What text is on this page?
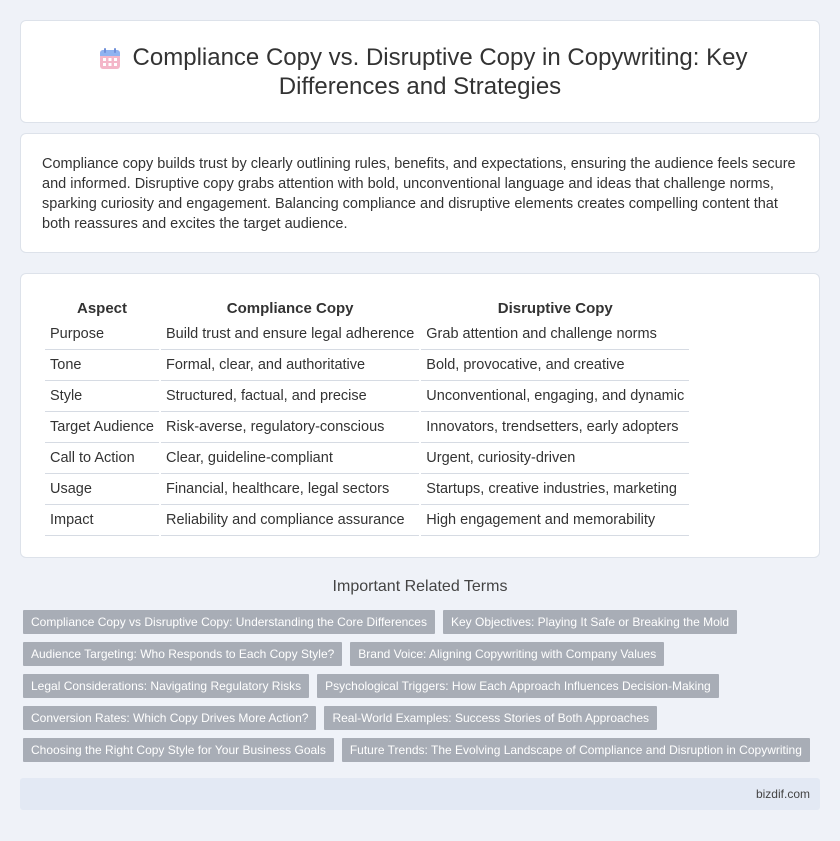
Compliance Copy vs. Disruptive Copy in Copywriting: Key
Differences and Strategies

Compliance copy builds trust by clearly outlining rules, benefits, and expectations, ensuring the audience feels secure and informed. Disruptive copy grabs attention with bold, unconventional language and ideas that challenge norms, sparking curiosity and engagement. Balancing compliance and disruptive elements creates compelling content that both reassures and excites the target audience.

Aspect	Compliance Copy	Disruptive Copy
Purpose	Build trust and ensure legal adherence	Grab attention and challenge norms
Tone	Formal, clear, and authoritative	Bold, provocative, and creative
Style	Structured, factual, and precise	Unconventional, engaging, and dynamic
Target Audience	Risk-averse, regulatory-conscious	Innovators, trendsetters, early adopters
Call to Action	Clear, guideline-compliant	Urgent, curiosity-driven
Usage	Financial, healthcare, legal sectors	Startups, creative industries, marketing
Impact	Reliability and compliance assurance	High engagement and memorability
Important Related Terms
Compliance Copy vs Disruptive Copy: Understanding the Core Differences	Key Objectives: Playing It Safe or Breaking the Mold
Audience Targeting: Who Responds to Each Copy Style?	Brand Voice: Aligning Copywriting with Company Values
Legal Considerations: Navigating Regulatory Risks	Psychological Triggers: How Each Approach Influences Decision-Making
Conversion Rates: Which Copy Drives More Action?	Real-World Examples: Success Stories of Both Approaches
Choosing the Right Copy Style for Your Business Goals	Future Trends: The Evolving Landscape of Compliance and Disruption in Copywriting
bizdif.com
